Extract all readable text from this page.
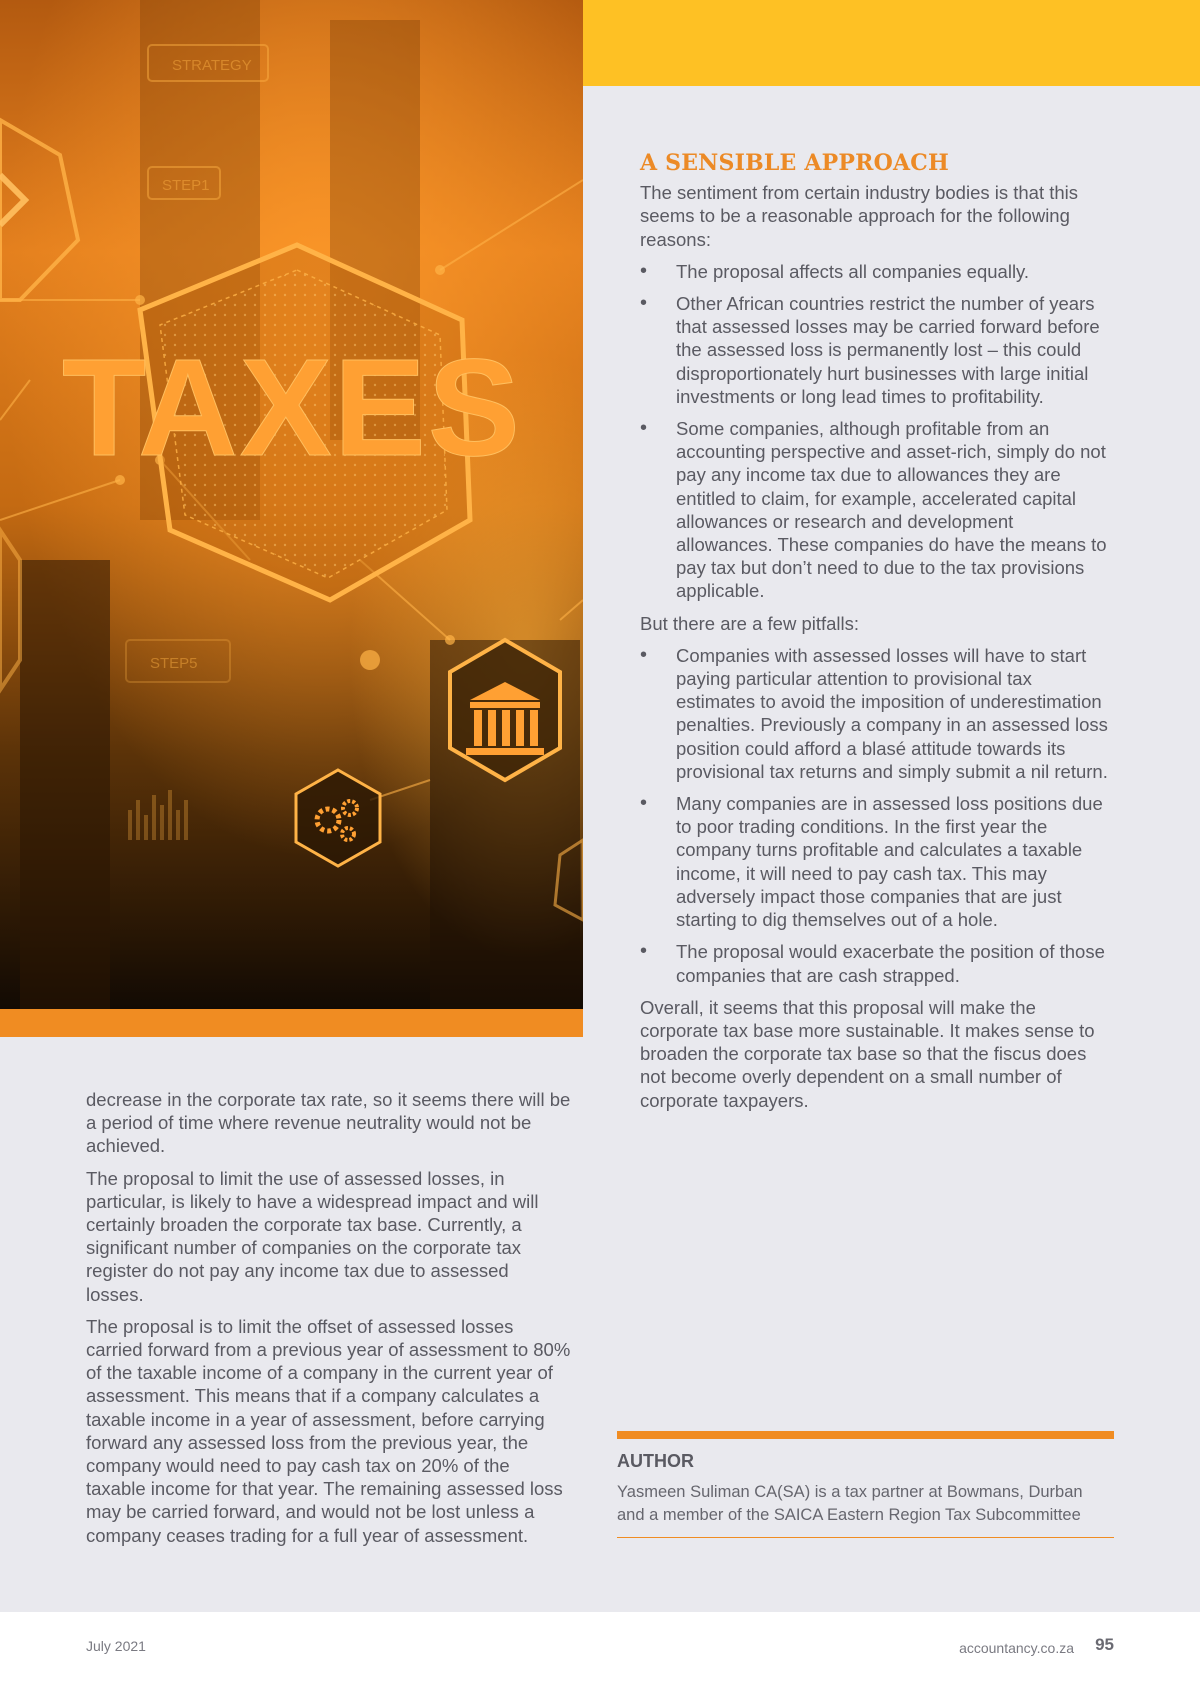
STRATEGY
STEP1
STEP5
TAXES

decrease in the corporate tax rate, so it seems there will be a period of time where revenue neutrality would not be achieved.

The proposal to limit the use of assessed losses, in particular, is likely to have a widespread impact and will certainly broaden the corporate tax base. Currently, a significant number of companies on the corporate tax register do not pay any income tax due to assessed losses.

The proposal is to limit the offset of assessed losses carried forward from a previous year of assessment to 80% of the taxable income of a company in the current year of assessment. This means that if a company calculates a taxable income in a year of assessment, before carrying forward any assessed loss from the previous year, the company would need to pay cash tax on 20% of the taxable income for that year. The remaining assessed loss may be carried forward, and would not be lost unless a company ceases trading for a full year of assessment.

A SENSIBLE APPROACH

The sentiment from certain industry bodies is that this seems to be a reasonable approach for the following reasons:

• The proposal affects all companies equally.
• Other African countries restrict the number of years that assessed losses may be carried forward before the assessed loss is permanently lost – this could disproportionately hurt businesses with large initial investments or long lead times to profitability.
• Some companies, although profitable from an accounting perspective and asset-rich, simply do not pay any income tax due to allowances they are entitled to claim, for example, accelerated capital allowances or research and development allowances. These companies do have the means to pay tax but don’t need to due to the tax provisions applicable.

But there are a few pitfalls:

• Companies with assessed losses will have to start paying particular attention to provisional tax estimates to avoid the imposition of underestimation penalties. Previously a company in an assessed loss position could afford a blasé attitude towards its provisional tax returns and simply submit a nil return.
• Many companies are in assessed loss positions due to poor trading conditions. In the first year the company turns profitable and calculates a taxable income, it will need to pay cash tax. This may adversely impact those companies that are just starting to dig themselves out of a hole.
• The proposal would exacerbate the position of those companies that are cash strapped.

Overall, it seems that this proposal will make the corporate tax base more sustainable. It makes sense to broaden the corporate tax base so that the fiscus does not become overly dependent on a small number of corporate taxpayers.

AUTHOR
Yasmeen Suliman CA(SA) is a tax partner at Bowmans, Durban and a member of the SAICA Eastern Region Tax Subcommittee
July 2021	accountancy.co.za 95
